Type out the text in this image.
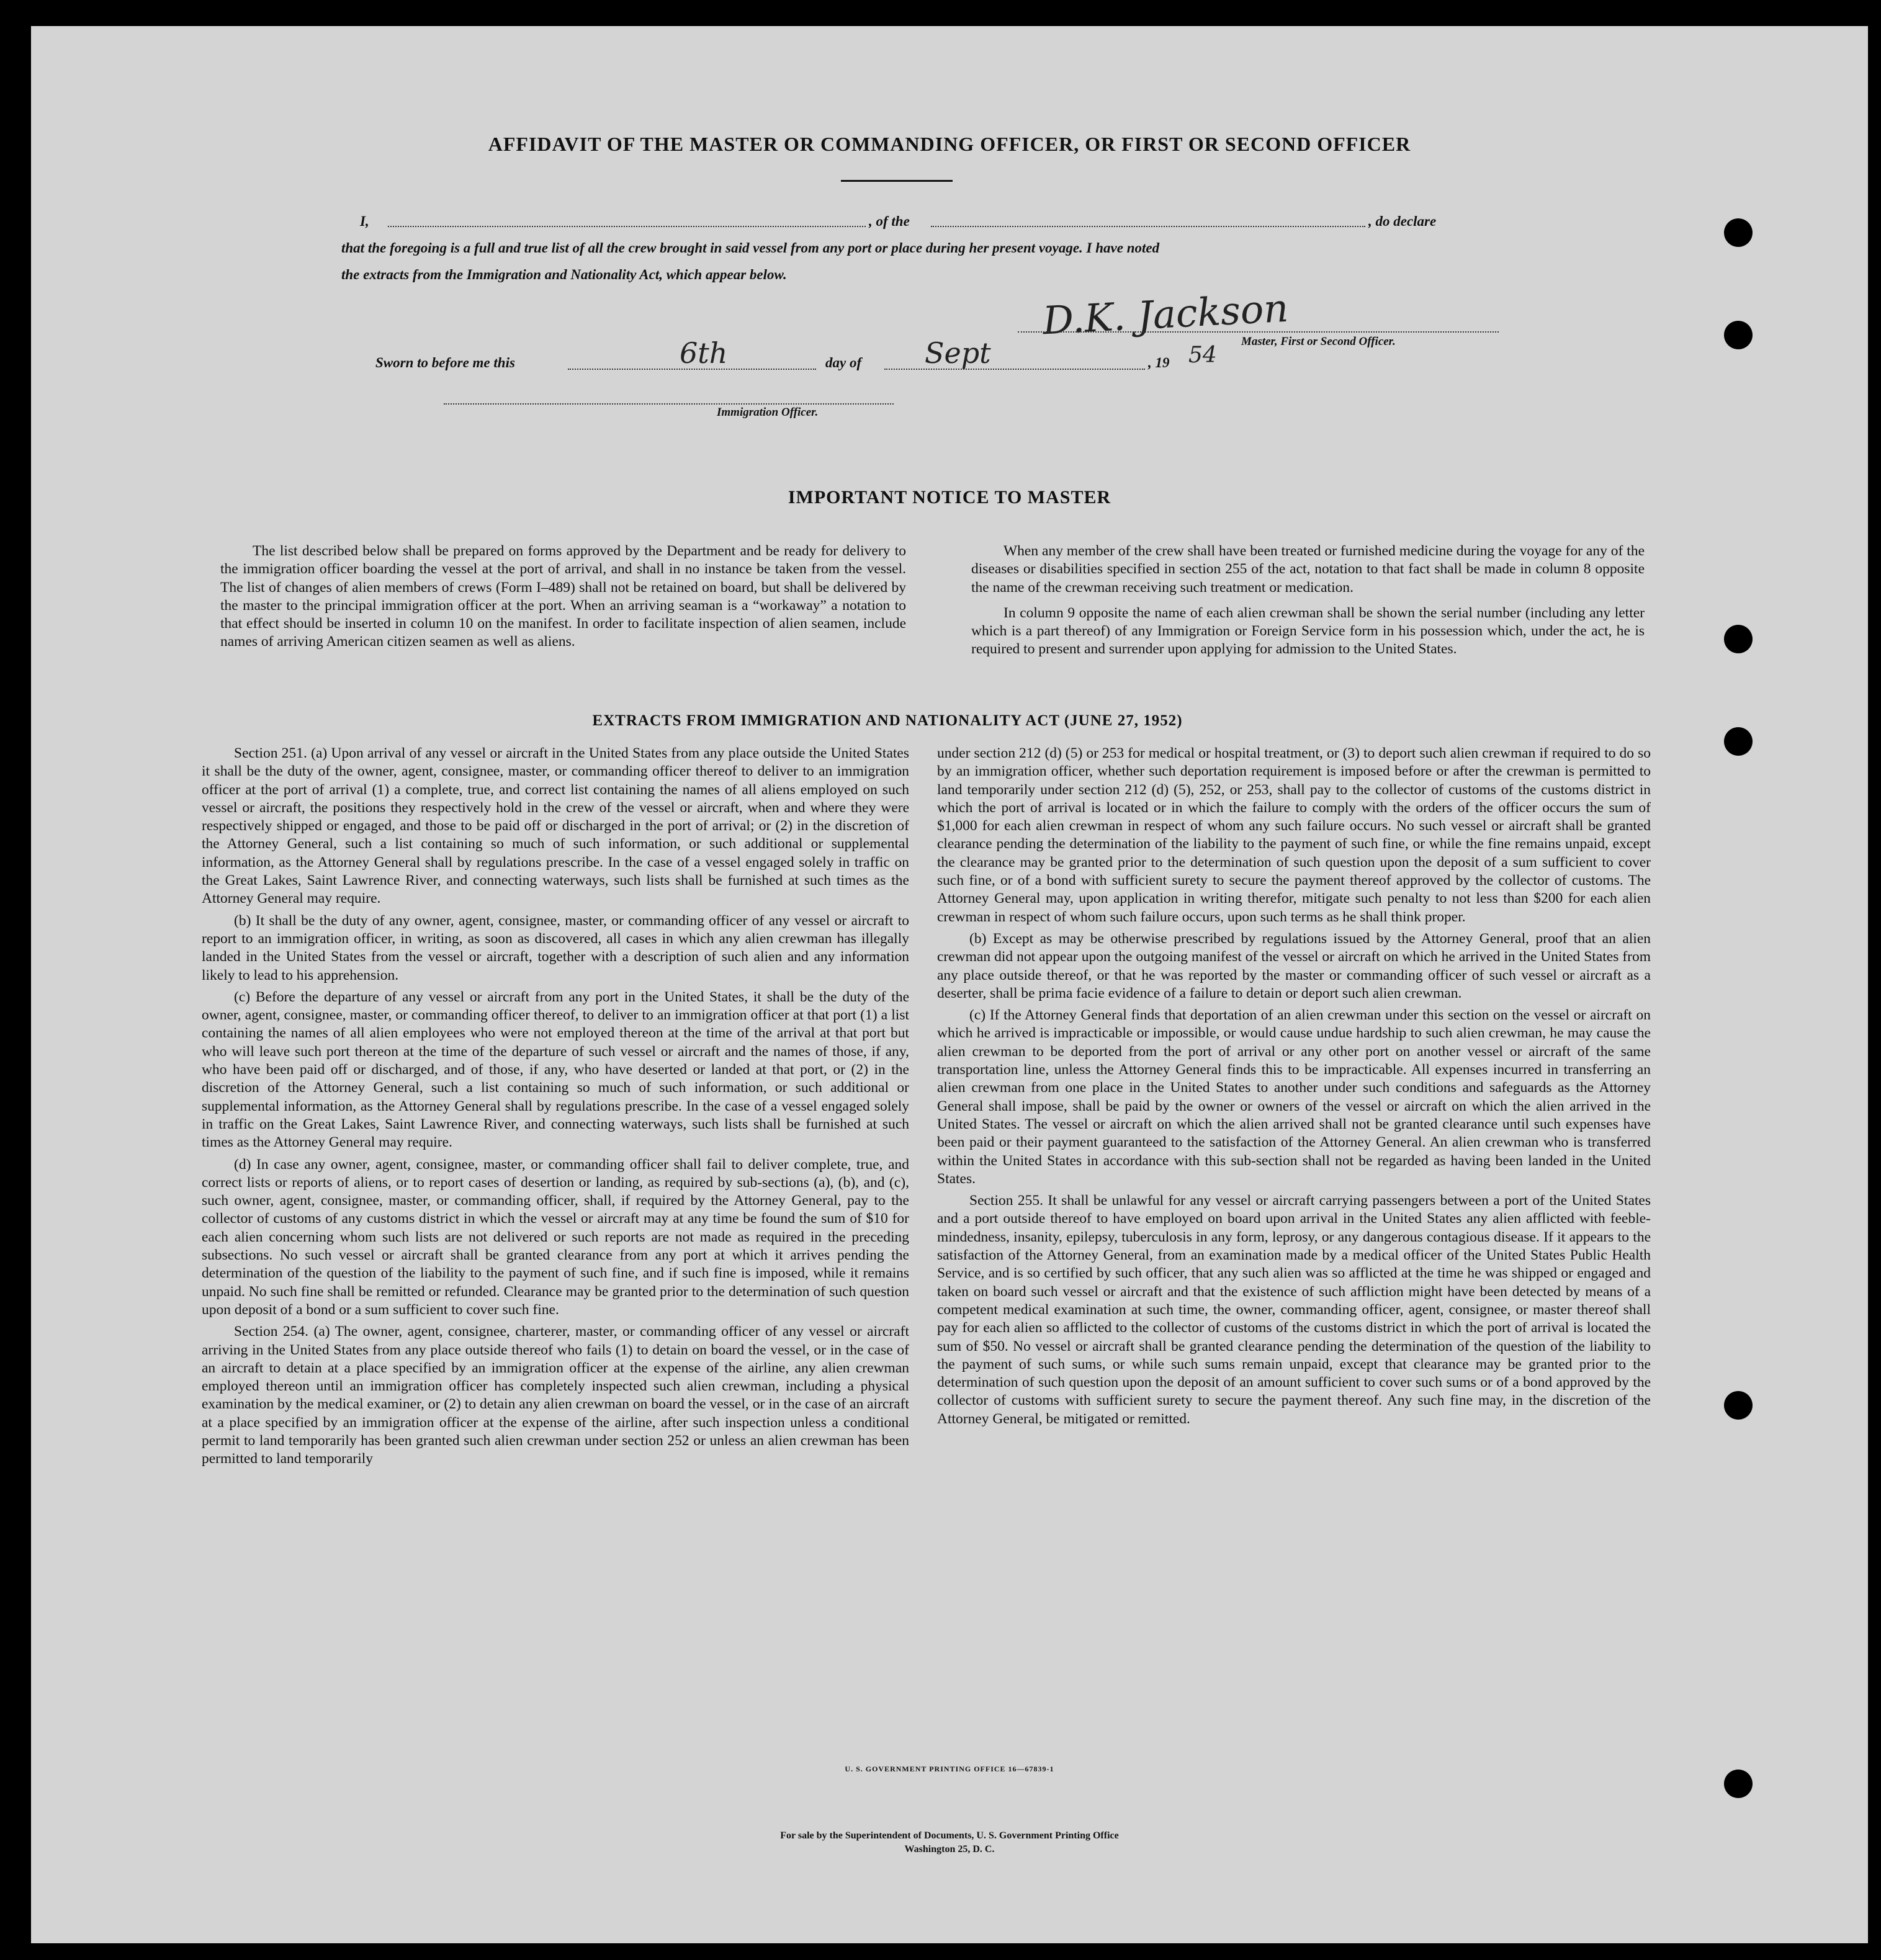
AFFIDAVIT OF THE MASTER OR COMMANDING OFFICER, OR FIRST OR SECOND OFFICER
I,	, of the	, do declare
that the foregoing is a full and true list of all the crew brought in said vessel from any port or place during her present voyage. I have noted
the extracts from the Immigration and Nationality Act, which appear below.
D.K. Jackson
Master, First or Second Officer.
Sworn to before me this	6th	day of Sept	, 19 54
Immigration Officer.
IMPORTANT NOTICE TO MASTER

The list described below shall be prepared on forms approved by the Department and be ready for delivery to the immigration officer boarding the vessel at the port of arrival, and shall in no instance be taken from the vessel. The list of changes of alien members of crews (Form I–489) shall not be retained on board, but shall be delivered by the master to the principal immigration officer at the port. When an arriving seaman is a “workaway” a notation to that effect should be inserted in column 10 on the manifest. In order to facilitate inspection of alien seamen, include names of arriving American citizen seamen as well as aliens.

When any member of the crew shall have been treated or furnished medicine during the voyage for any of the diseases or disabilities specified in section 255 of the act, notation to that fact shall be made in column 8 opposite the name of the crewman receiving such treatment or medication.

In column 9 opposite the name of each alien crewman shall be shown the serial number (including any letter which is a part thereof) of any Immigration or Foreign Service form in his possession which, under the act, he is required to present and surrender upon applying for admission to the United States.

EXTRACTS FROM IMMIGRATION AND NATIONALITY ACT (JUNE 27, 1952)

Section 251. (a) Upon arrival of any vessel or aircraft in the United States from any place outside the United States it shall be the duty of the owner, agent, consignee, master, or commanding officer thereof to deliver to an immigration officer at the port of arrival (1) a complete, true, and correct list containing the names of all aliens employed on such vessel or aircraft, the positions they respectively hold in the crew of the vessel or aircraft, when and where they were respectively shipped or engaged, and those to be paid off or discharged in the port of arrival; or (2) in the discretion of the Attorney General, such a list containing so much of such information, or such additional or supplemental information, as the Attorney General shall by regulations prescribe. In the case of a vessel engaged solely in traffic on the Great Lakes, Saint Lawrence River, and connecting waterways, such lists shall be furnished at such times as the Attorney General may require.

(b) It shall be the duty of any owner, agent, consignee, master, or commanding officer of any vessel or aircraft to report to an immigration officer, in writing, as soon as discovered, all cases in which any alien crewman has illegally landed in the United States from the vessel or aircraft, together with a description of such alien and any information likely to lead to his apprehension.

(c) Before the departure of any vessel or aircraft from any port in the United States, it shall be the duty of the owner, agent, consignee, master, or commanding officer thereof, to deliver to an immigration officer at that port (1) a list containing the names of all alien employees who were not employed thereon at the time of the arrival at that port but who will leave such port thereon at the time of the departure of such vessel or aircraft and the names of those, if any, who have been paid off or discharged, and of those, if any, who have deserted or landed at that port, or (2) in the discretion of the Attorney General, such a list containing so much of such information, or such additional or supplemental information, as the Attorney General shall by regulations prescribe. In the case of a vessel engaged solely in traffic on the Great Lakes, Saint Lawrence River, and connecting waterways, such lists shall be furnished at such times as the Attorney General may require.

(d) In case any owner, agent, consignee, master, or commanding officer shall fail to deliver complete, true, and correct lists or reports of aliens, or to report cases of desertion or landing, as required by sub-sections (a), (b), and (c), such owner, agent, consignee, master, or commanding officer, shall, if required by the Attorney General, pay to the collector of customs of any customs district in which the vessel or aircraft may at any time be found the sum of $10 for each alien concerning whom such lists are not delivered or such reports are not made as required in the preceding subsections. No such vessel or aircraft shall be granted clearance from any port at which it arrives pending the determination of the question of the liability to the payment of such fine, and if such fine is imposed, while it remains unpaid. No such fine shall be remitted or refunded. Clearance may be granted prior to the determination of such question upon deposit of a bond or a sum sufficient to cover such fine.

Section 254. (a) The owner, agent, consignee, charterer, master, or commanding officer of any vessel or aircraft arriving in the United States from any place outside thereof who fails (1) to detain on board the vessel, or in the case of an aircraft to detain at a place specified by an immigration officer at the expense of the airline, any alien crewman employed thereon until an immigration officer has completely inspected such alien crewman, including a physical examination by the medical examiner, or (2) to detain any alien crewman on board the vessel, or in the case of an aircraft at a place specified by an immigration officer at the expense of the airline, after such inspection unless a conditional permit to land temporarily has been granted such alien crewman under section 252 or unless an alien crewman has been permitted to land temporarily

under section 212 (d) (5) or 253 for medical or hospital treatment, or (3) to deport such alien crewman if required to do so by an immigration officer, whether such deportation requirement is imposed before or after the crewman is permitted to land temporarily under section 212 (d) (5), 252, or 253, shall pay to the collector of customs of the customs district in which the port of arrival is located or in which the failure to comply with the orders of the officer occurs the sum of $1,000 for each alien crewman in respect of whom any such failure occurs. No such vessel or aircraft shall be granted clearance pending the determination of the liability to the payment of such fine, or while the fine remains unpaid, except the clearance may be granted prior to the determination of such question upon the deposit of a sum sufficient to cover such fine, or of a bond with sufficient surety to secure the payment thereof approved by the collector of customs. The Attorney General may, upon application in writing therefor, mitigate such penalty to not less than $200 for each alien crewman in respect of whom such failure occurs, upon such terms as he shall think proper.

(b) Except as may be otherwise prescribed by regulations issued by the Attorney General, proof that an alien crewman did not appear upon the outgoing manifest of the vessel or aircraft on which he arrived in the United States from any place outside thereof, or that he was reported by the master or commanding officer of such vessel or aircraft as a deserter, shall be prima facie evidence of a failure to detain or deport such alien crewman.

(c) If the Attorney General finds that deportation of an alien crewman under this section on the vessel or aircraft on which he arrived is impracticable or impossible, or would cause undue hardship to such alien crewman, he may cause the alien crewman to be deported from the port of arrival or any other port on another vessel or aircraft of the same transportation line, unless the Attorney General finds this to be impracticable. All expenses incurred in transferring an alien crewman from one place in the United States to another under such conditions and safeguards as the Attorney General shall impose, shall be paid by the owner or owners of the vessel or aircraft on which the alien arrived in the United States. The vessel or aircraft on which the alien arrived shall not be granted clearance until such expenses have been paid or their payment guaranteed to the satisfaction of the Attorney General. An alien crewman who is transferred within the United States in accordance with this sub-section shall not be regarded as having been landed in the United States.

Section 255. It shall be unlawful for any vessel or aircraft carrying passengers between a port of the United States and a port outside thereof to have employed on board upon arrival in the United States any alien afflicted with feeble-mindedness, insanity, epilepsy, tuberculosis in any form, leprosy, or any dangerous contagious disease. If it appears to the satisfaction of the Attorney General, from an examination made by a medical officer of the United States Public Health Service, and is so certified by such officer, that any such alien was so afflicted at the time he was shipped or engaged and taken on board such vessel or aircraft and that the existence of such affliction might have been detected by means of a competent medical examination at such time, the owner, commanding officer, agent, consignee, or master thereof shall pay for each alien so afflicted to the collector of customs of the customs district in which the port of arrival is located the sum of $50. No vessel or aircraft shall be granted clearance pending the determination of the question of the liability to the payment of such sums, or while such sums remain unpaid, except that clearance may be granted prior to the determination of such question upon the deposit of an amount sufficient to cover such sums or of a bond approved by the collector of customs with sufficient surety to secure the payment thereof. Any such fine may, in the discretion of the Attorney General, be mitigated or remitted.

U. S. GOVERNMENT PRINTING OFFICE 16—67839-1
For sale by the Superintendent of Documents, U. S. Government Printing Office
Washington 25, D. C.
